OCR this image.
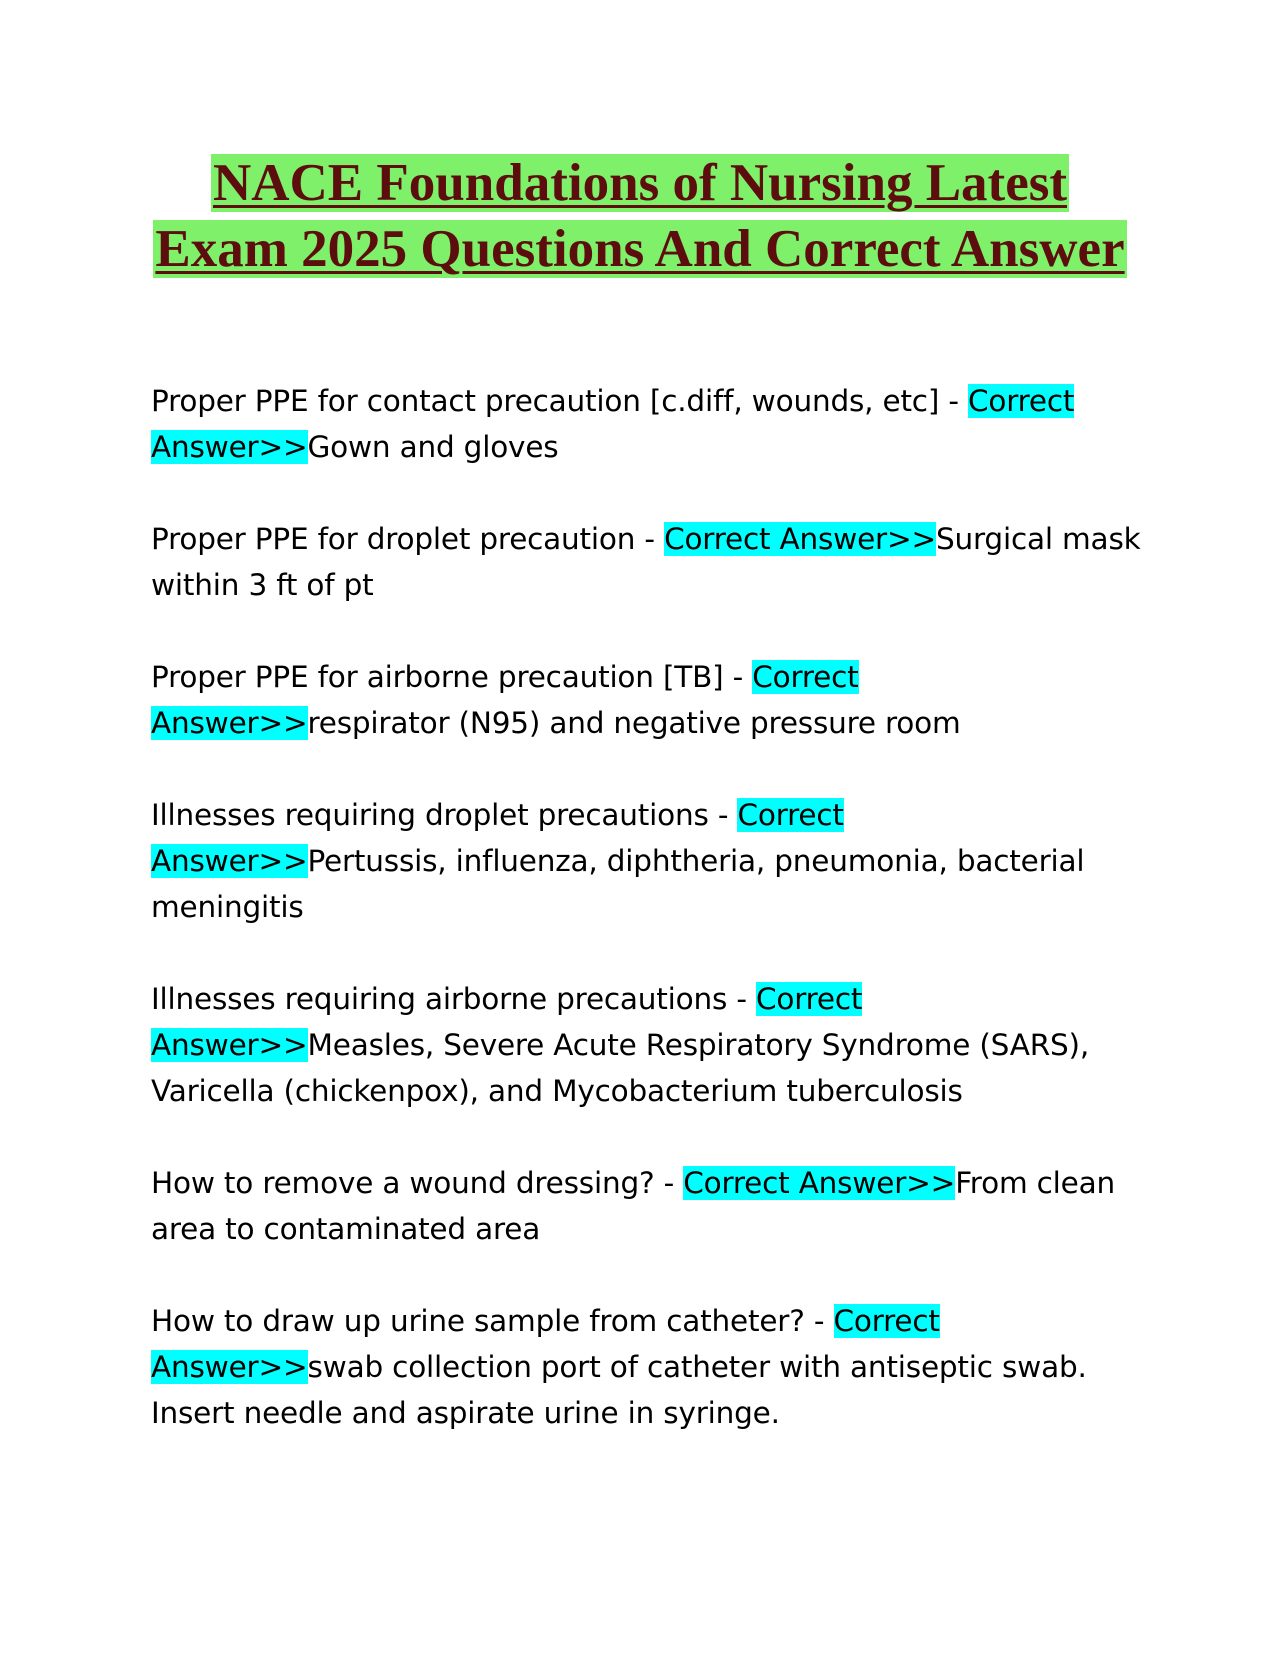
NACE Foundations of Nursing Latest Exam 2025 Questions And Correct Answer
Proper PPE for contact precaution [c.diff, wounds, etc] - Correct Answer>>Gown and gloves
Proper PPE for droplet precaution - Correct Answer>>Surgical mask within 3 ft of pt
Proper PPE for airborne precaution [TB] - Correct Answer>>respirator (N95) and negative pressure room
Illnesses requiring droplet precautions - Correct Answer>>Pertussis, influenza, diphtheria, pneumonia, bacterial meningitis
Illnesses requiring airborne precautions - Correct Answer>>Measles, Severe Acute Respiratory Syndrome (SARS), Varicella (chickenpox), and Mycobacterium tuberculosis
How to remove a wound dressing? - Correct Answer>>From clean area to contaminated area
How to draw up urine sample from catheter? - Correct Answer>>swab collection port of catheter with antiseptic swab. Insert needle and aspirate urine in syringe.
